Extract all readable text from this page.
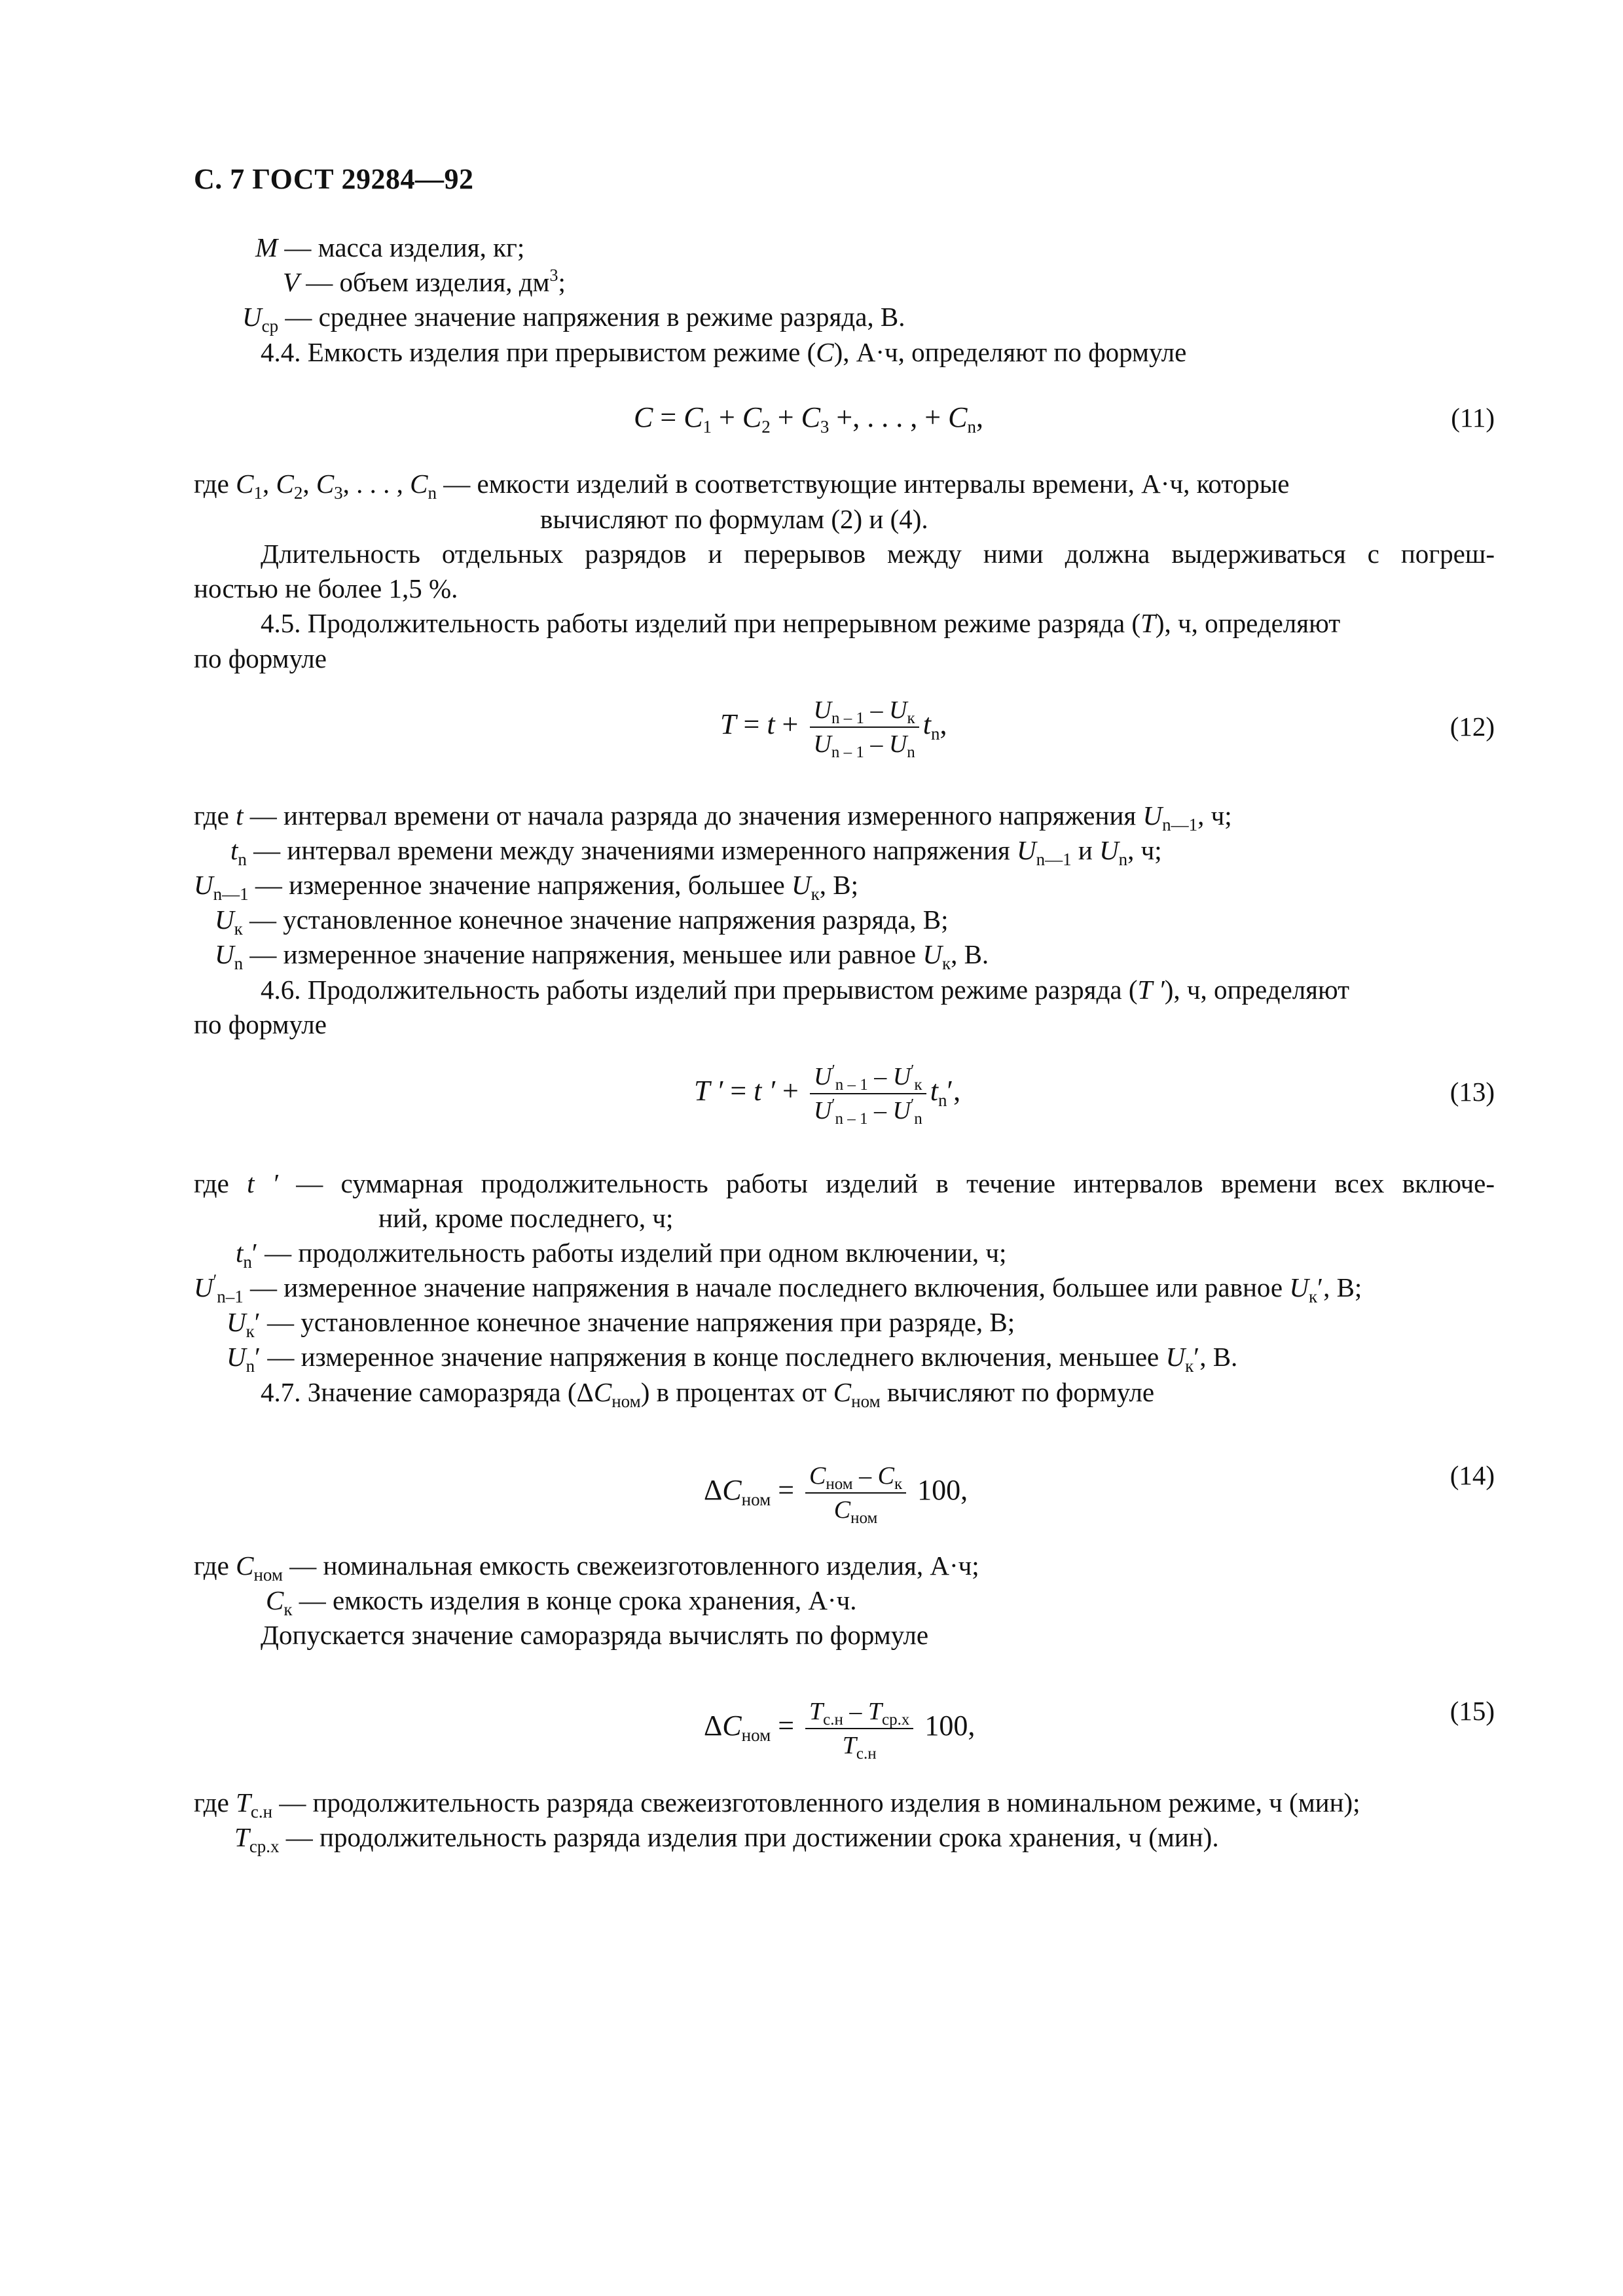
С. 7 ГОСТ 29284—92
M — масса изделия, кг;
V — объем изделия, $дм^3$;
$U_{ср}$ — среднее значение напряжения в режиме разряда, В.
4.4. Емкость изделия при прерывистом режиме (C), А·ч, определяют по формуле
$C = C_1 + C_2 + C_3$ +, . . . , + $C_n$,	(11)
где $C_1$, $C_2$, $C_3$, . . . , $C_n$ — емкости изделий в соответствующие интервалы времени, А·ч, которые
вычисляют по формулам (2) и (4).
Длительность отдельных разрядов и перерывов между ними должна выдерживаться с погреш-
ностью не более 1,5 %.
4.5. Продолжительность работы изделий при непрерывном режиме разряда (T), ч, определяют
по формуле
$T = t + \frac{U_{n - 1} - U_к}{U_{n - 1} - U_n} t_n$,	(12)
где t — интервал времени от начала разряда до значения измеренного напряжения $U_{n—1}$, ч;
$t_n$ — интервал времени между значениями измеренного напряжения $U_{n—1}$ и $U_n$, ч;
$U_{n—1}$ — измеренное значение напряжения, большее $U_к$, В;
$U_к$ — установленное конечное значение напряжения разряда, В;
$U_n$ — измеренное значение напряжения, меньшее или равное $U_к$, В.
4.6. Продолжительность работы изделий при прерывистом режиме разряда (T ′), ч, определяют
по формуле
T ′ = t ′ + $\frac{U'_{n - 1} - U'_к}{U'_{n - 1} - U'_n} t_n'$,	(13)
где t ′ — суммарная продолжительность работы изделий в течение интервалов времени всех включе-
ний, кроме последнего, ч;
$t_n'$ — продолжительность работы изделий при одном включении, ч;
$U'_{n-1}$ — измеренное значение напряжения в начале последнего включения, большее или равное $U_к'$, В;
$U_к'$ — установленное конечное значение напряжения при разряде, В;
$U_n'$ — измеренное значение напряжения в конце последнего включения, меньшее $U_к'$, В.
4.7. Значение саморазряда $(\Delta C_{ном})$ в процентах от $C_{ном}$ вычисляют по формуле
$\Delta C_{ном} = \frac{C_{ном} - C_к}{C_{ном}} 100$,	(14)
где $C_{ном}$ — номинальная емкость свежеизготовленного изделия, А·ч;
$C_к$ — емкость изделия в конце срока хранения, А·ч.
Допускается значение саморазряда вычислять по формуле
$\Delta C_{ном} = \frac{T_{с.н} - T_{ср.х}}{T_{с.н}} 100$,	(15)
где $T_{с.н}$ — продолжительность разряда свежеизготовленного изделия в номинальном режиме, ч (мин);
$T_{ср.х}$ — продолжительность разряда изделия при достижении срока хранения, ч (мин).
